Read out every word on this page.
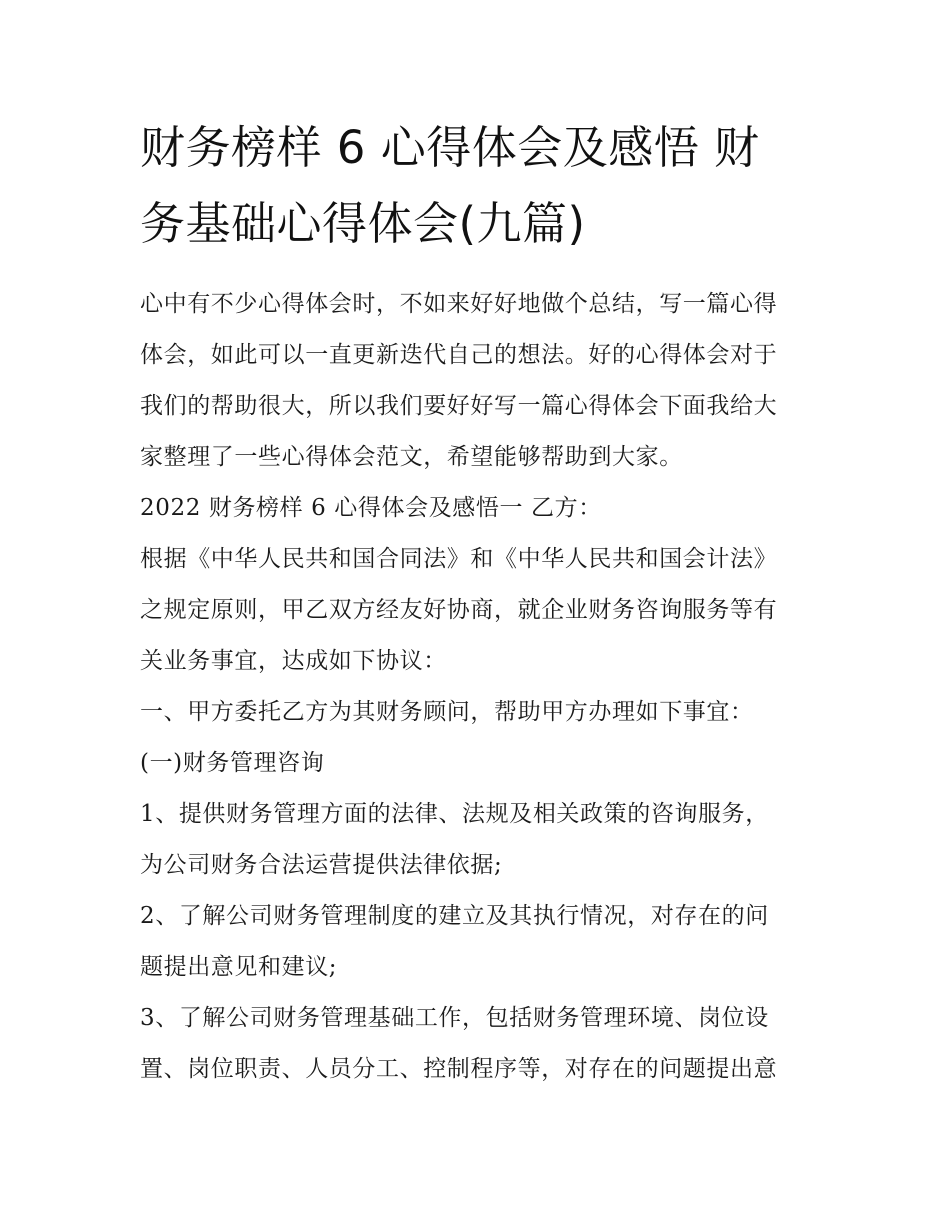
财务榜样 6 心得体会及感悟 财
务基础心得体会(九篇)

心中有不少心得体会时，不如来好好地做个总结，写一篇心得
体会，如此可以一直更新迭代自己的想法。好的心得体会对于
我们的帮助很大，所以我们要好好写一篇心得体会下面我给大
家整理了一些心得体会范文，希望能够帮助到大家。

2022 财务榜样 6 心得体会及感悟一 乙方：

根据《中华人民共和国合同法》和《中华人民共和国会计法》
之规定原则，甲乙双方经友好协商，就企业财务咨询服务等有
关业务事宜，达成如下协议：

一、甲方委托乙方为其财务顾问，帮助甲方办理如下事宜：

(一)财务管理咨询

1、提供财务管理方面的法律、法规及相关政策的咨询服务，
为公司财务合法运营提供法律依据;

2、了解公司财务管理制度的建立及其执行情况，对存在的问
题提出意见和建议;

3、了解公司财务管理基础工作，包括财务管理环境、岗位设
置、岗位职责、人员分工、控制程序等，对存在的问题提出意
